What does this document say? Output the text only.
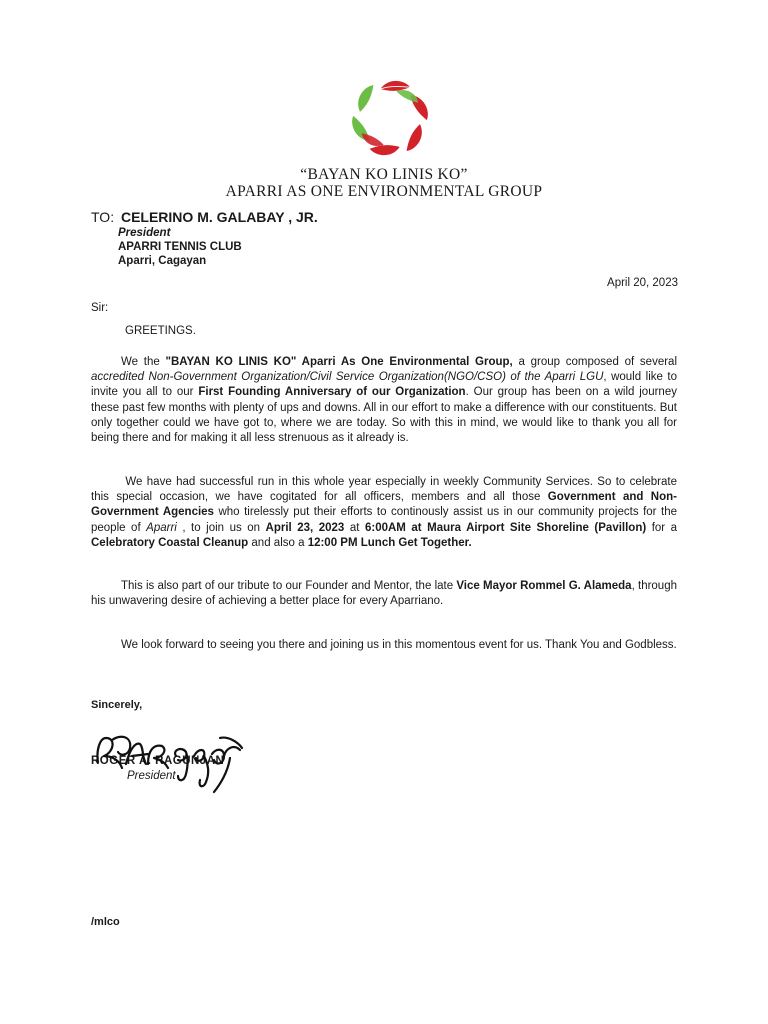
“BAYAN KO LINIS KO”
APARRI AS ONE ENVIRONMENTAL GROUP
TO: CELERINO M. GALABAY , JR.
President
APARRI TENNIS CLUB
Aparri, Cagayan
April 20, 2023
Sir:
GREETINGS.
We the "BAYAN KO LINIS KO" Aparri As One Environmental Group, a group composed of several accredited Non-Government Organization/Civil Service Organization(NGO/CSO) of the Aparri LGU, would like to invite you all to our First Founding Anniversary of our Organization. Our group has been on a wild journey these past few months with plenty of ups and downs. All in our effort to make a difference with our constituents. But only together could we have got to, where we are today. So with this in mind, we would like to thank you all for being there and for making it all less strenuous as it already is.
We have had successful run in this whole year especially in weekly Community Services. So to celebrate this special occasion, we have cogitated for all officers, members and all those Government and Non-Government Agencies who tirelessly put their efforts to continously assist us in our community projects for the people of Aparri , to join us on April 23, 2023 at 6:00AM at Maura Airport Site Shoreline (Pavillon) for a Celebratory Coastal Cleanup and also a 12:00 PM Lunch Get Together.
This is also part of our tribute to our Founder and Mentor, the late Vice Mayor Rommel G. Alameda, through his unwavering desire of achieving a better place for every Aparriano.
We look forward to seeing you there and joining us in this momentous event for us. Thank You and Godbless.
Sincerely,
ROGER A. RAGUNJAN
President
/mlco
